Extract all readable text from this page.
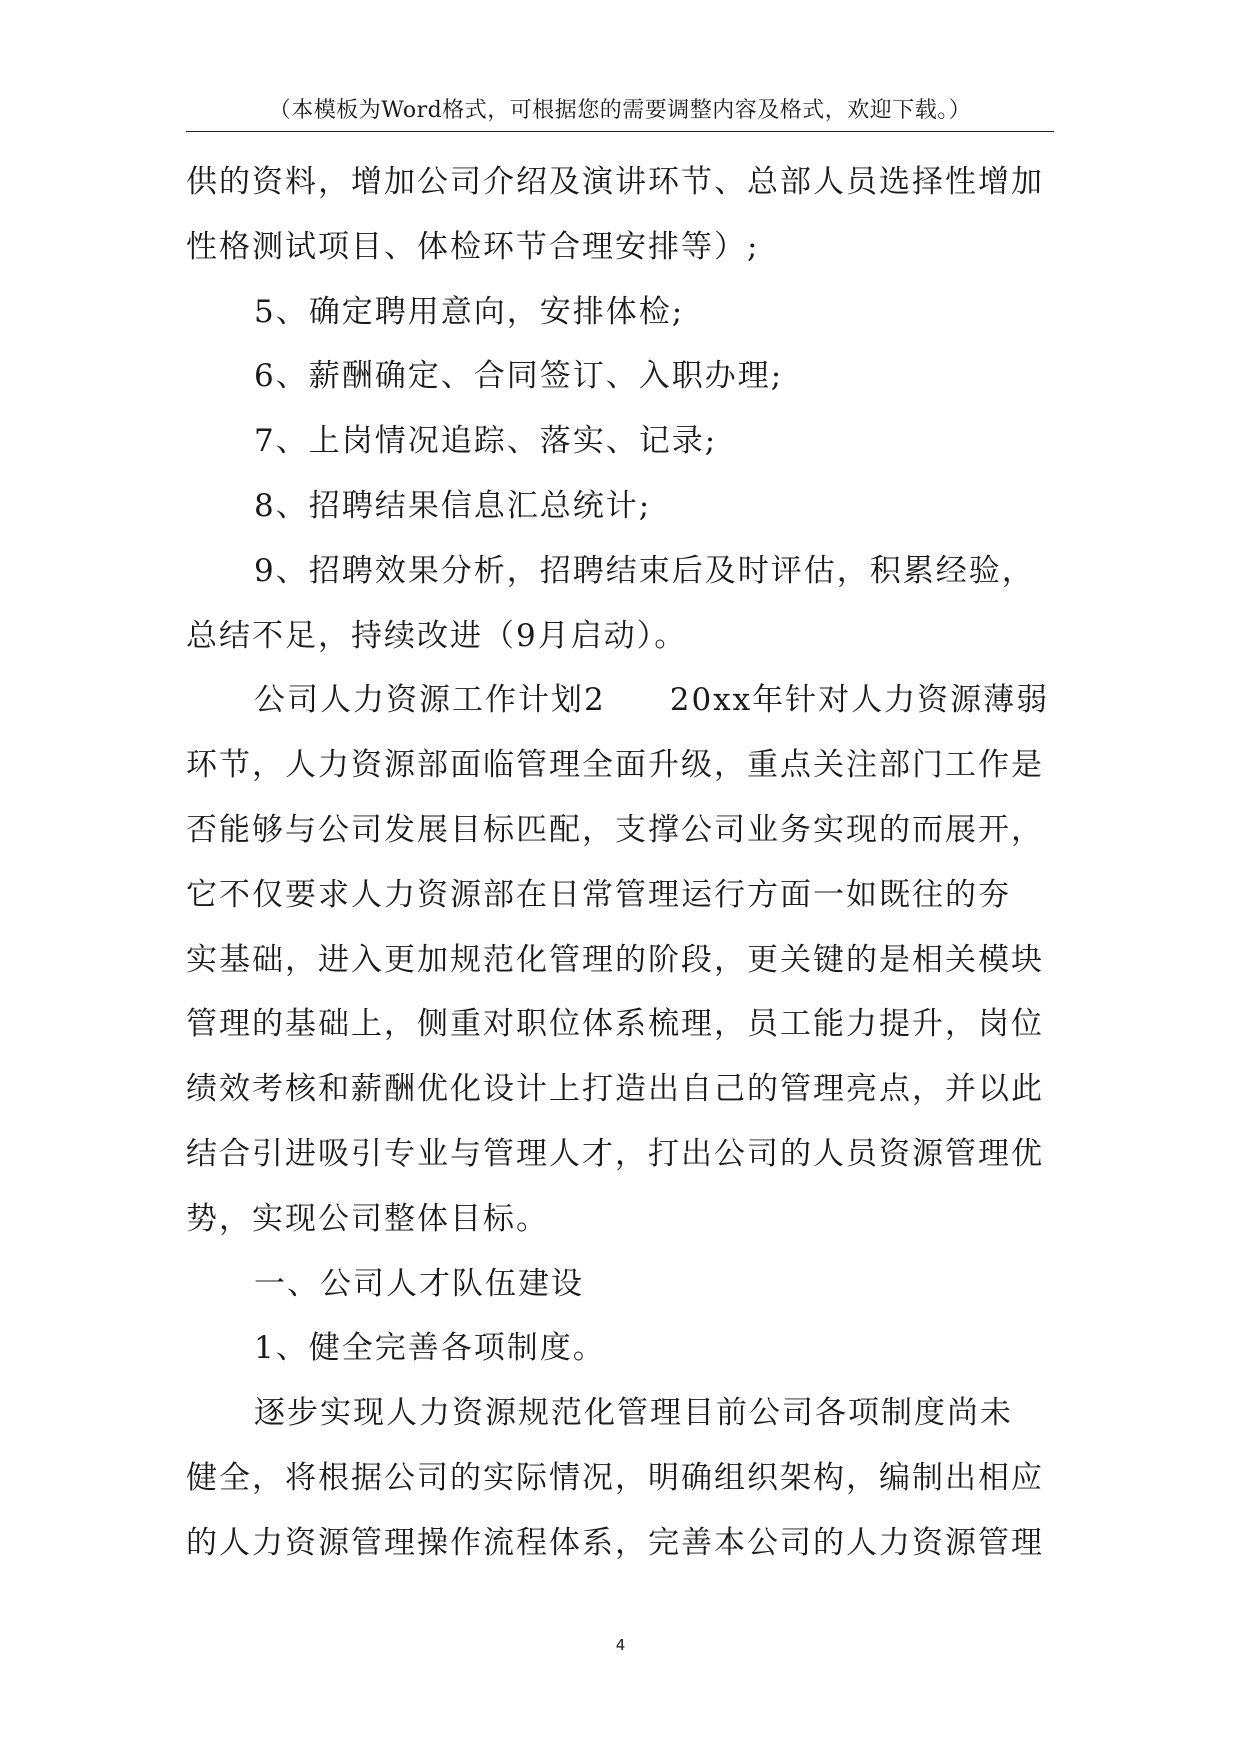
（本模板为Word格式，可根据您的需要调整内容及格式，欢迎下载。）
供的资料，增加公司介绍及演讲环节、总部人员选择性增加
性格测试项目、体检环节合理安排等）;
5、确定聘用意向，安排体检;
6、薪酬确定、合同签订、入职办理;
7、上岗情况追踪、落实、记录;
8、招聘结果信息汇总统计;
9、招聘效果分析，招聘结束后及时评估，积累经验，
总结不足，持续改进（9月启动）。
公司人力资源工作计划2 20xx年针对人力资源薄弱
环节，人力资源部面临管理全面升级，重点关注部门工作是
否能够与公司发展目标匹配，支撑公司业务实现的而展开，
它不仅要求人力资源部在日常管理运行方面一如既往的夯
实基础，进入更加规范化管理的阶段，更关键的是相关模块
管理的基础上，侧重对职位体系梳理，员工能力提升，岗位
绩效考核和薪酬优化设计上打造出自己的管理亮点，并以此
结合引进吸引专业与管理人才，打出公司的人员资源管理优
势，实现公司整体目标。
一、公司人才队伍建设
1、健全完善各项制度。
逐步实现人力资源规范化管理目前公司各项制度尚未
健全，将根据公司的实际情况，明确组织架构，编制出相应
的人力资源管理操作流程体系，完善本公司的人力资源管理
4
